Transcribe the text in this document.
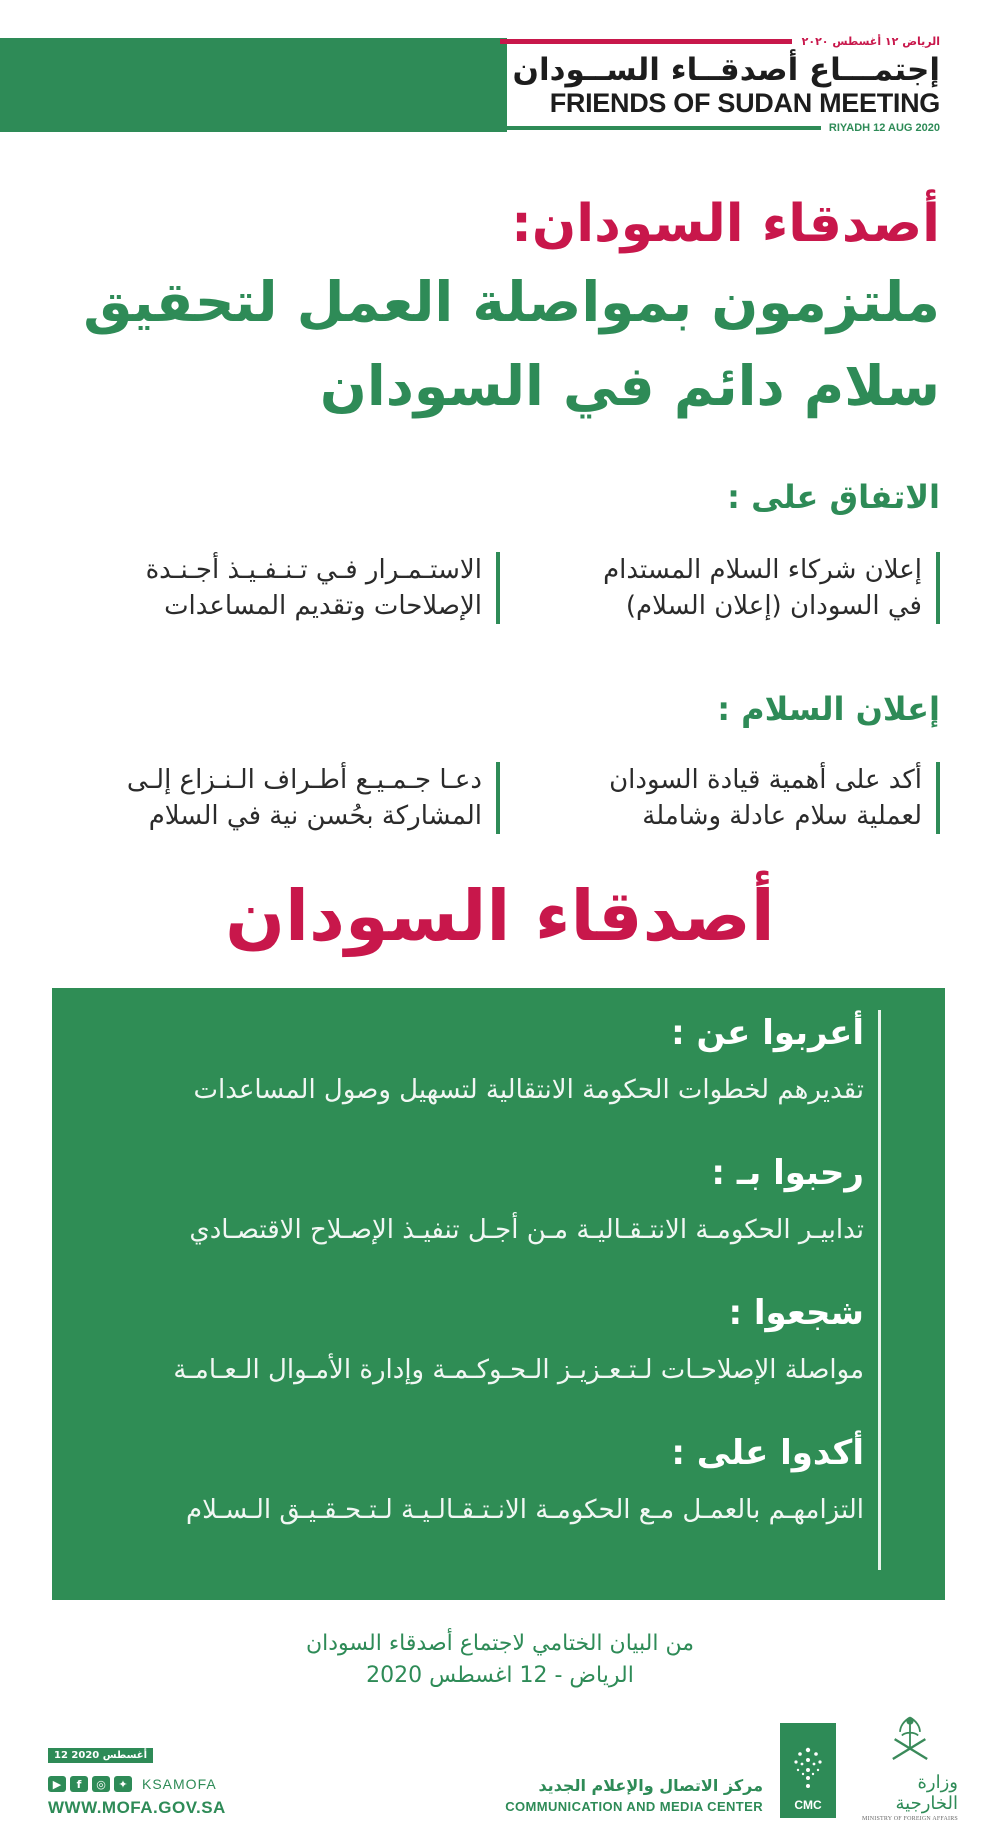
الرياض ١٢ أغسطس ٢٠٢٠
إجتمـــاع أصدقــاء الســودان
FRIENDS OF SUDAN MEETING
RIYADH 12 AUG 2020
أصدقاء السودان:
ملتزمون بمواصلة العمل لتحقيق
سلام دائم في السودان
الاتفاق على :
إعلان شركاء السلام المستدام
في السودان (إعلان السلام)
الاستـمـرار فـي تـنـفـيـذ أجـنـدة
الإصلاحات وتقديم المساعدات
إعلان السلام :
أكد على أهمية قيادة السودان
لعملية سلام عادلة وشاملة
دعـا جـمـيـع أطـراف الـنـزاع إلـى
المشاركة بحُسن نية في السلام
أصدقاء السودان
أعربوا عن :
تقديرهم لخطوات الحكومة الانتقالية لتسهيل وصول المساعدات
رحبوا بـ :
تدابيـر الحكومـة الانتـقـاليـة مـن أجـل تنفيـذ الإصـلاح الاقتصـادي
شجعوا :
مواصلة الإصلاحـات لـتـعـزيـز الـحـوكـمـة وإدارة الأمـوال الـعـامـة
أكدوا على :
التزامهـم بالعمـل مـع الحكومـة الانـتـقـالـيـة لـتـحـقـيـق الـسـلام
من البيان الختامي لاجتماع أصدقاء السودان
الرياض - 12 اغسطس 2020
12 أغسطس 2020
▶	f	◎	✦	KSAMOFA
WWW.MOFA.GOV.SA
مركز الاتصال والإعلام الجديد
COMMUNICATION AND MEDIA CENTER	CMC
وزارة الخارجية
MINISTRY OF FOREIGN AFFAIRS
